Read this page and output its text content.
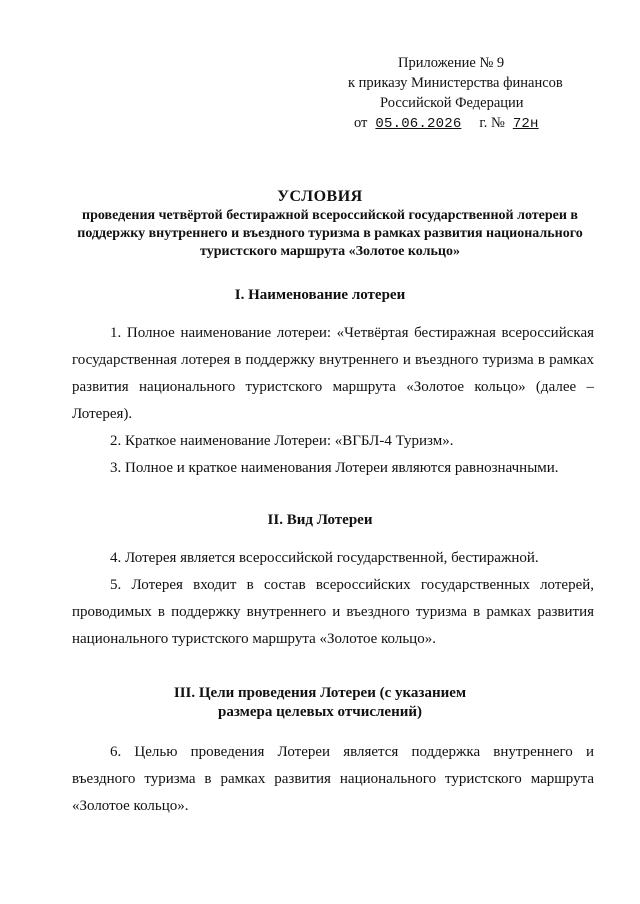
Приложение № 9
к приказу Министерства финансов
Российской Федерации
от 05.06.2026 г. № 72н
УСЛОВИЯ
проведения четвёртой бестиражной всероссийской государственной лотереи в поддержку внутреннего и въездного туризма в рамках развития национального туристского маршрута «Золотое кольцо»
I. Наименование лотереи
1. Полное наименование лотереи: «Четвёртая бестиражная всероссийская государственная лотерея в поддержку внутреннего и въездного туризма в рамках развития национального туристского маршрута «Золотое кольцо» (далее – Лотерея).
2. Краткое наименование Лотереи: «ВГБЛ-4 Туризм».
3. Полное и краткое наименования Лотереи являются равнозначными.
II. Вид Лотереи
4. Лотерея является всероссийской государственной, бестиражной.
5. Лотерея входит в состав всероссийских государственных лотерей, проводимых в поддержку внутреннего и въездного туризма в рамках развития национального туристского маршрута «Золотое кольцо».
III. Цели проведения Лотереи (с указанием размера целевых отчислений)
6. Целью проведения Лотереи является поддержка внутреннего и въездного туризма в рамках развития национального туристского маршрута «Золотое кольцо».
